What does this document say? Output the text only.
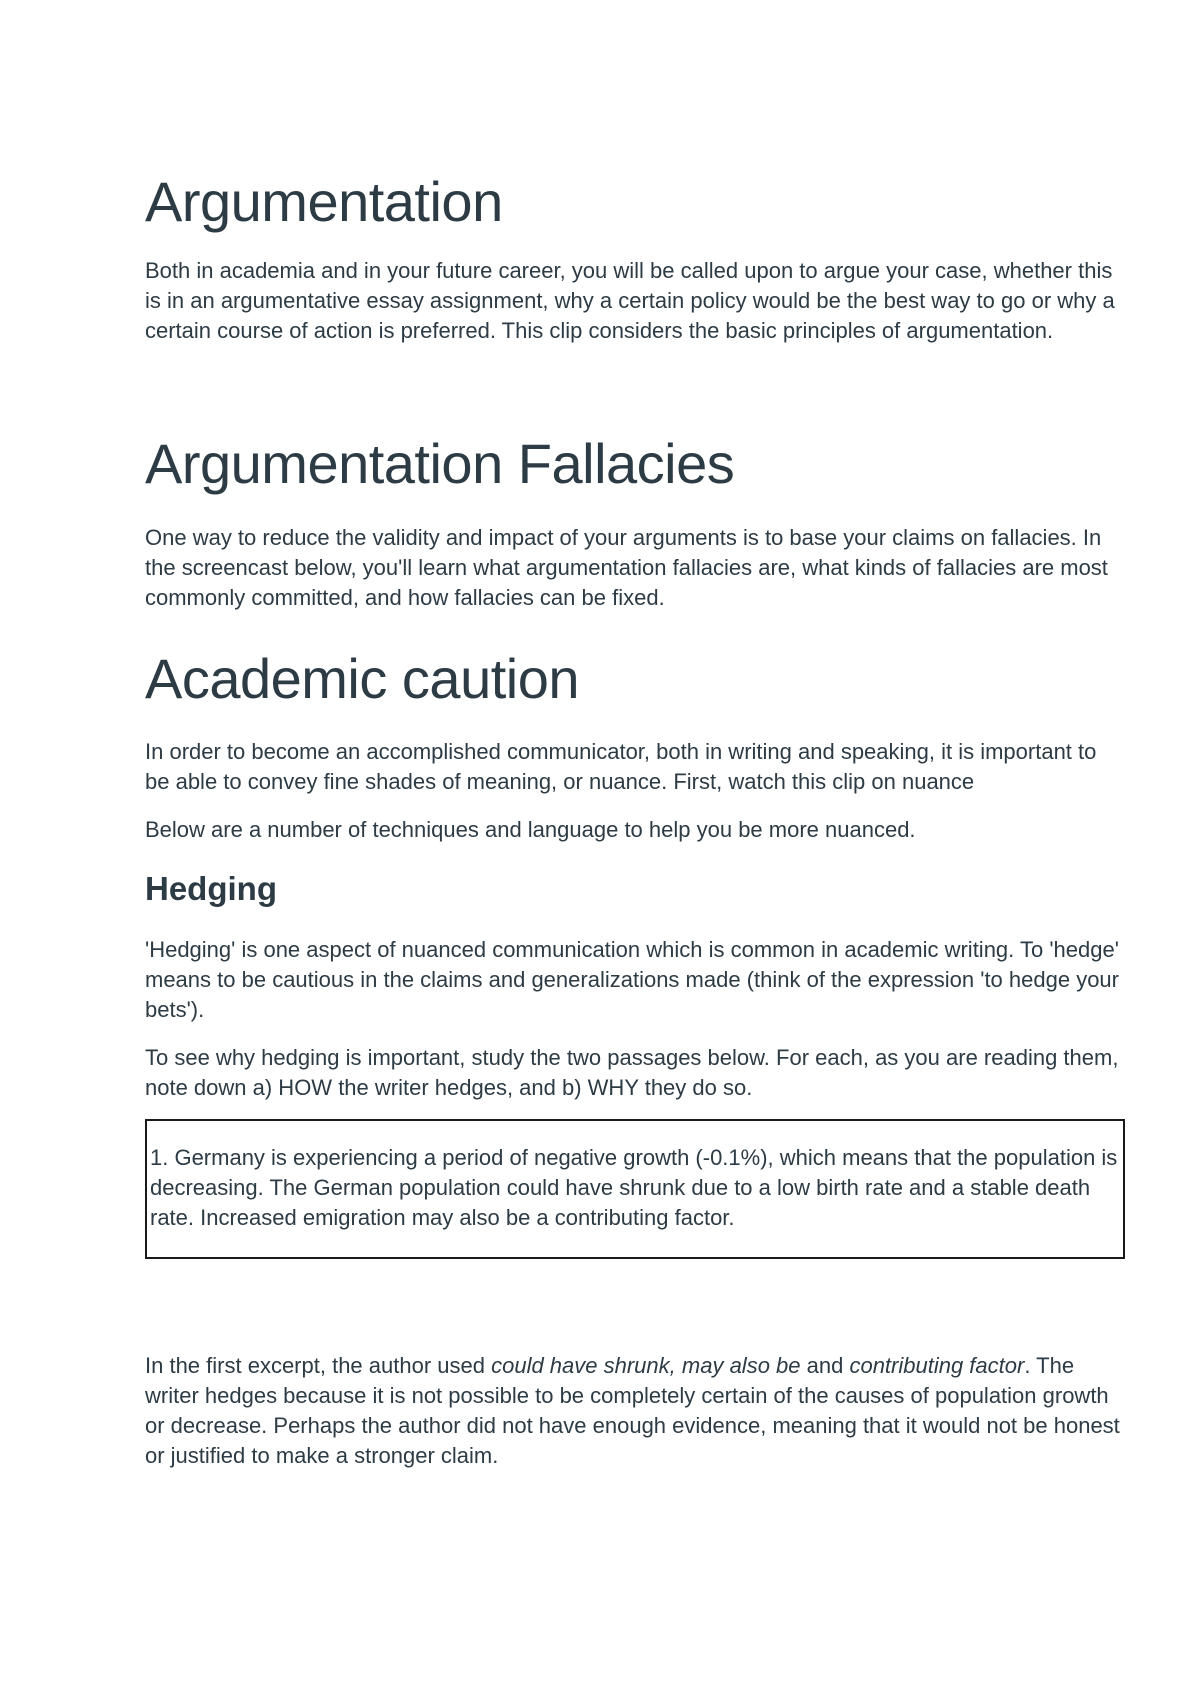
Argumentation

Both in academia and in your future career, you will be called upon to argue your case, whether this is in an argumentative essay assignment, why a certain policy would be the best way to go or why a certain course of action is preferred. This clip considers the basic principles of argumentation.

Argumentation Fallacies

One way to reduce the validity and impact of your arguments is to base your claims on fallacies. In the screencast below, you'll learn what argumentation fallacies are, what kinds of fallacies are most commonly committed, and how fallacies can be fixed.

Academic caution

In order to become an accomplished communicator, both in writing and speaking, it is important to be able to convey fine shades of meaning, or nuance. First, watch this clip on nuance

Below are a number of techniques and language to help you be more nuanced.

Hedging

'Hedging' is one aspect of nuanced communication which is common in academic writing. To 'hedge' means to be cautious in the claims and generalizations made (think of the expression 'to hedge your bets').

To see why hedging is important, study the two passages below. For each, as you are reading them, note down a) HOW the writer hedges, and b) WHY they do so.

1. Germany is experiencing a period of negative growth (-0.1%), which means that the population is decreasing. The German population could have shrunk due to a low birth rate and a stable death rate. Increased emigration may also be a contributing factor.

In the first excerpt, the author used could have shrunk, may also be and contributing factor. The writer hedges because it is not possible to be completely certain of the causes of population growth or decrease. Perhaps the author did not have enough evidence, meaning that it would not be honest or justified to make a stronger claim.
